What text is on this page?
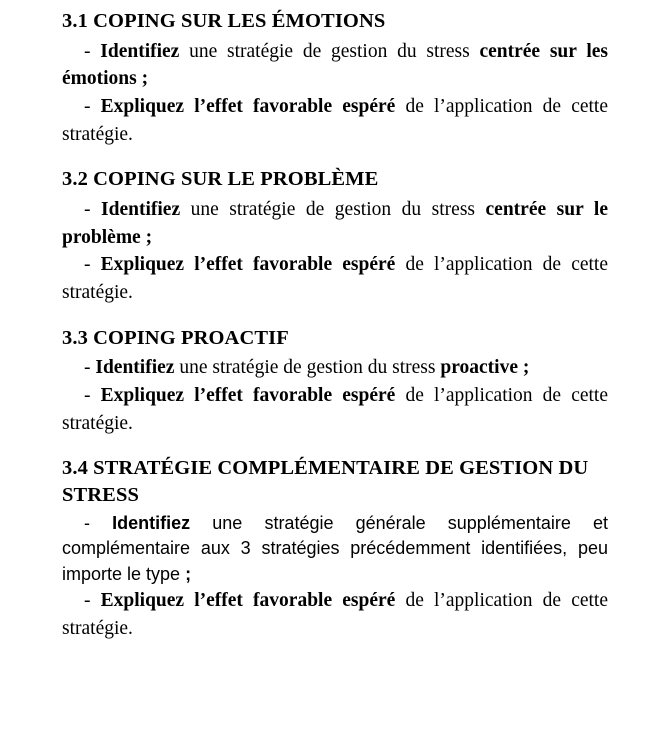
3.1 COPING SUR LES ÉMOTIONS

- Identifiez une stratégie de gestion du stress centrée sur les émotions ;

- Expliquez l’effet favorable espéré de l’application de cette stratégie.

3.2 COPING SUR LE PROBLÈME

- Identifiez une stratégie de gestion du stress centrée sur le problème ;

- Expliquez l’effet favorable espéré de l’application de cette stratégie.

3.3 COPING PROACTIF

- Identifiez une stratégie de gestion du stress proactive ;

- Expliquez l’effet favorable espéré de l’application de cette stratégie.

3.4 STRATÉGIE COMPLÉMENTAIRE DE GESTION DU STRESS

- Identifiez une stratégie générale supplémentaire et complémentaire aux 3 stratégies précédemment identifiées, peu importe le type ;

- Expliquez l’effet favorable espéré de l’application de cette stratégie.
